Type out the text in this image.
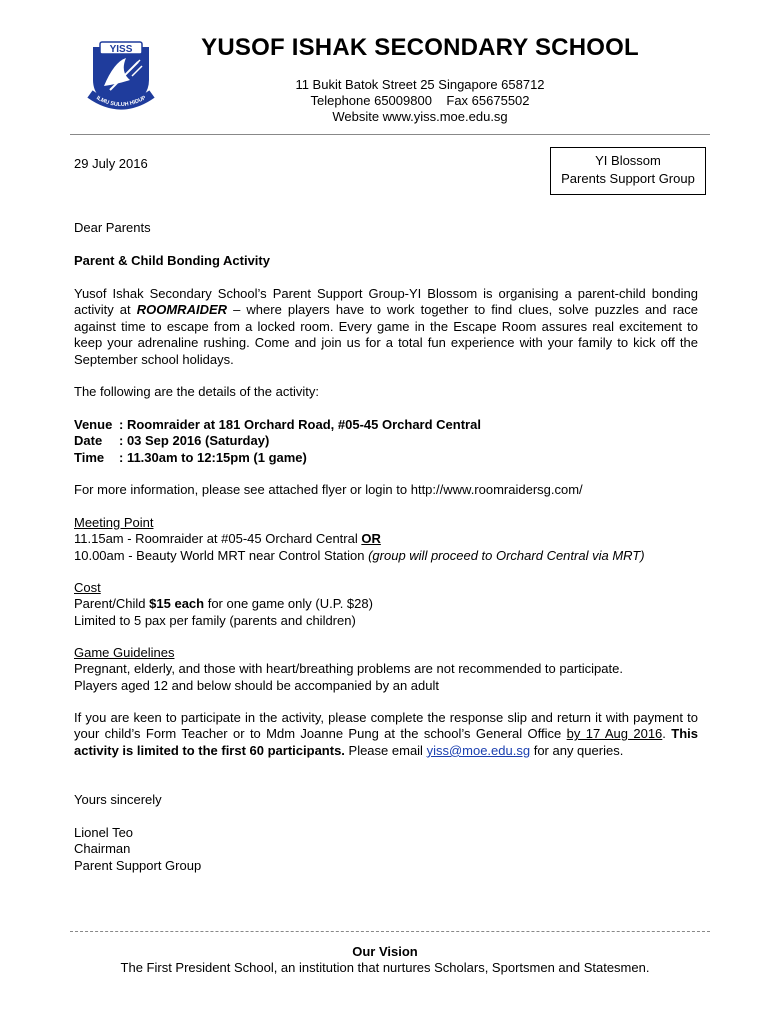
YISS
ILMU SULUH HIDUP
YUSOF ISHAK SECONDARY SCHOOL
11 Bukit Batok Street 25 Singapore 658712
Telephone 65009800 Fax 65675502
Website www.yiss.moe.edu.sg
29 July 2016	YI Blossom
Parents Support Group
Dear Parents
Parent & Child Bonding Activity
Yusof Ishak Secondary School’s Parent Support Group-YI Blossom is organising a parent-child bonding activity at ROOMRAIDER – where players have to work together to find clues, solve puzzles and race against time to escape from a locked room. Every game in the Escape Room assures real excitement to keep your adrenaline rushing. Come and join us for a total fun experience with your family to kick off the September school holidays.
The following are the details of the activity:
Venue : Roomraider at 181 Orchard Road, #05-45 Orchard Central
Date	: 03 Sep 2016 (Saturday)
Time	: 11.30am to 12:15pm (1 game)
For more information, please see attached flyer or login to http://www.roomraidersg.com/
Meeting Point
11.15am - Roomraider at #05-45 Orchard Central OR
10.00am - Beauty World MRT near Control Station (group will proceed to Orchard Central via MRT)
Cost
Parent/Child $15 each for one game only (U.P. $28)
Limited to 5 pax per family (parents and children)
Game Guidelines
Pregnant, elderly, and those with heart/breathing problems are not recommended to participate.
Players aged 12 and below should be accompanied by an adult
If you are keen to participate in the activity, please complete the response slip and return it with payment to your child’s Form Teacher or to Mdm Joanne Pung at the school’s General Office by 17 Aug 2016. This activity is limited to the first 60 participants. Please email yiss@moe.edu.sg for any queries.
Yours sincerely
Lionel Teo
Chairman
Parent Support Group
Our Vision
The First President School, an institution that nurtures Scholars, Sportsmen and Statesmen.
